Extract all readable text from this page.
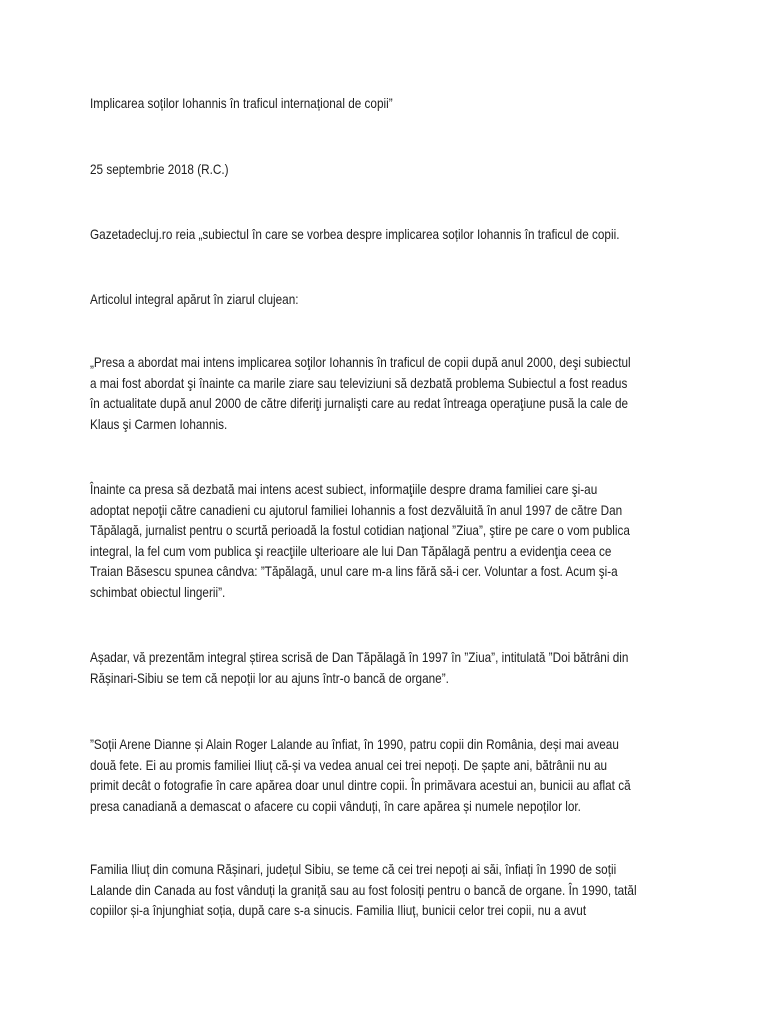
Implicarea soților Iohannis în traficul internațional de copii”
25 septembrie 2018 (R.C.)
Gazetadecluj.ro reia „subiectul în care se vorbea despre implicarea soților Iohannis în traficul de copii.
Articolul integral apărut în ziarul clujean:
„Presa a abordat mai intens implicarea soţilor Iohannis în traficul de copii după anul 2000, deşi subiectul
a mai fost abordat şi înainte ca marile ziare sau televiziuni să dezbată problema Subiectul a fost readus
în actualitate după anul 2000 de către diferiţi jurnalişti care au redat întreaga operaţiune pusă la cale de
Klaus şi Carmen Iohannis.
Înainte ca presa să dezbată mai intens acest subiect, informaţiile despre drama familiei care şi-au
adoptat nepoţii către canadieni cu ajutorul familiei Iohannis a fost dezvăluită în anul 1997 de către Dan
Tăpălagă, jurnalist pentru o scurtă perioadă la fostul cotidian naţional ”Ziua”, ştire pe care o vom publica
integral, la fel cum vom publica şi reacţiile ulterioare ale lui Dan Tăpălagă pentru a evidenţia ceea ce
Traian Băsescu spunea cândva: ”Tăpălagă, unul care m-a lins fără să-i cer. Voluntar a fost. Acum şi-a
schimbat obiectul lingerii”.
Așadar, vă prezentăm integral știrea scrisă de Dan Tăpălagă în 1997 în ”Ziua”, intitulată ”Doi bătrâni din
Rășinari-Sibiu se tem că nepoții lor au ajuns într-o bancă de organe”.
”Soții Arene Dianne și Alain Roger Lalande au înfiat, în 1990, patru copii din România, deși mai aveau
două fete. Ei au promis familiei Iliuț că-și va vedea anual cei trei nepoți. De șapte ani, bătrânii nu au
primit decât o fotografie în care apărea doar unul dintre copii. În primăvara acestui an, bunicii au aflat că
presa canadiană a demascat o afacere cu copii vânduți, în care apărea și numele nepoților lor.
Familia Iliuț din comuna Rășinari, județul Sibiu, se teme că cei trei nepoți ai săi, înfiați în 1990 de soții
Lalande din Canada au fost vânduți la graniță sau au fost folosiți pentru o bancă de organe. În 1990, tatăl
copiilor și-a înjunghiat soția, după care s-a sinucis. Familia Iliuț, bunicii celor trei copii, nu a avut
